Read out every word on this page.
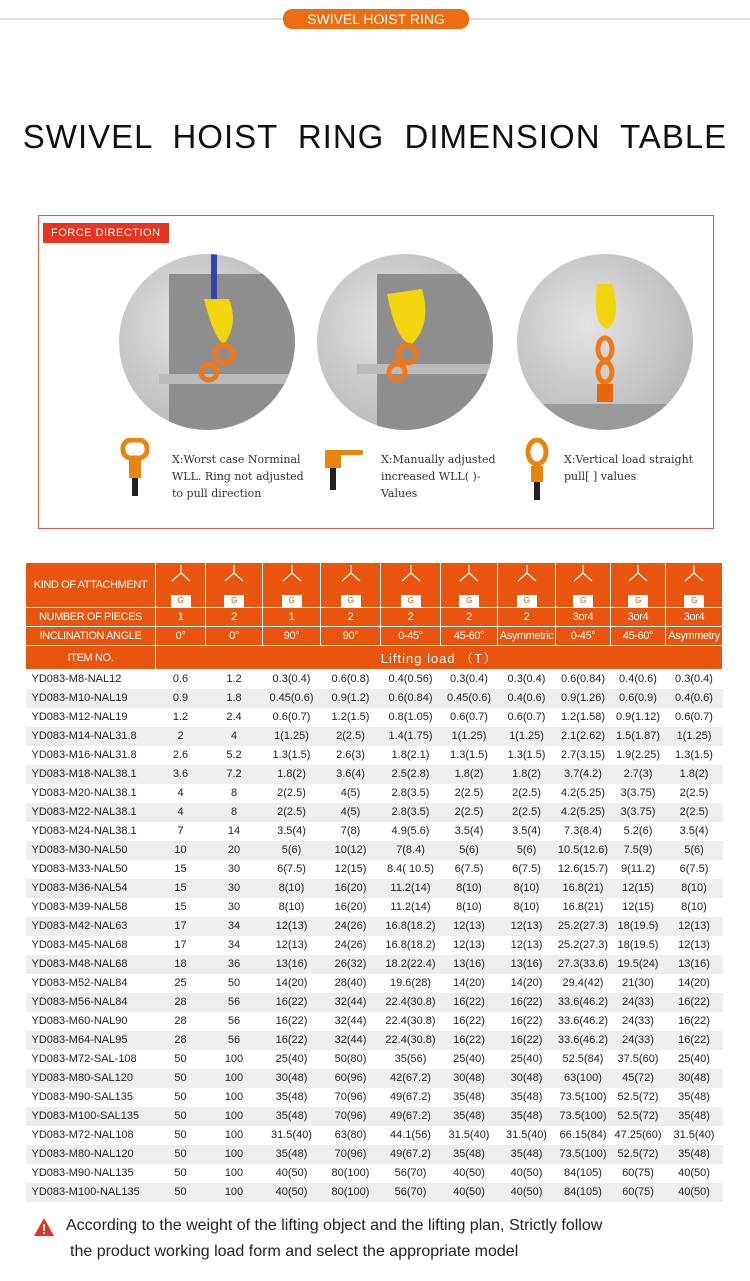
SWIVEL HOIST RING
SWIVEL HOIST RING DIMENSION TABLE
FORCE DIRECTION
X:Worst case Norminal
WLL. Ring not adjusted
to pull direction
X:Manually adjusted
increased WLL( )-
Values
X:Vertical load straight
pull[ ] values
KIND OF ATTACHMENT	G	G	G	G	G	G	G	G	G	G
NUMBER OF PIECES	1	2	1	2	2	2	2	3or4	3or4	3or4
INCLINATION ANGLE	0°	0°	90°	90°	0-45°	45-60°	Asymmetric	0-45°	45-60°	Asymmetry
ITEM NO.	Lifting load （T）									
YD083-M8-NAL12	0.6	1.2	0.3(0.4)	0.6(0.8)	0.4(0.56)	0.3(0.4)	0.3(0.4)	0.6(0.84)	0.4(0.6)	0.3(0.4)
YD083-M10-NAL19	0.9	1.8	0.45(0.6)	0.9(1.2)	0.6(0.84)	0.45(0.6)	0.4(0.6)	0.9(1.26)	0.6(0.9)	0.4(0.6)
YD083-M12-NAL19	1.2	2.4	0.6(0.7)	1.2(1.5)	0.8(1.05)	0.6(0.7)	0.6(0.7)	1.2(1.58)	0.9(1.12)	0.6(0.7)
YD083-M14-NAL31.8	2	4	1(1.25)	2(2.5)	1.4(1.75)	1(1.25)	1(1.25)	2.1(2.62)	1.5(1.87)	1(1.25)
YD083-M16-NAL31.8	2.6	5.2	1.3(1.5)	2.6(3)	1.8(2.1)	1.3(1.5)	1.3(1.5)	2.7(3.15)	1.9(2.25)	1.3(1.5)
YD083-M18-NAL38.1	3.6	7.2	1.8(2)	3.6(4)	2.5(2.8)	1.8(2)	1.8(2)	3.7(4.2)	2.7(3)	1.8(2)
YD083-M20-NAL38.1	4	8	2(2.5)	4(5)	2.8(3.5)	2(2.5)	2(2.5)	4.2(5.25)	3(3.75)	2(2.5)
YD083-M22-NAL38.1	4	8	2(2.5)	4(5)	2.8(3.5)	2(2.5)	2(2.5)	4.2(5.25)	3(3.75)	2(2.5)
YD083-M24-NAL38.1	7	14	3.5(4)	7(8)	4.9(5.6)	3.5(4)	3.5(4)	7.3(8.4)	5.2(6)	3.5(4)
YD083-M30-NAL50	10	20	5(6)	10(12)	7(8.4)	5(6)	5(6)	10.5(12.6)	7.5(9)	5(6)
YD083-M33-NAL50	15	30	6(7.5)	12(15)	8.4( 10.5)	6(7.5)	6(7.5)	12.6(15.7)	9(11.2)	6(7.5)
YD083-M36-NAL54	15	30	8(10)	16(20)	11.2(14)	8(10)	8(10)	16.8(21)	12(15)	8(10)
YD083-M39-NAL58	15	30	8(10)	16(20)	11.2(14)	8(10)	8(10)	16.8(21)	12(15)	8(10)
YD083-M42-NAL63	17	34	12(13)	24(26)	16.8(18.2)	12(13)	12(13)	25.2(27.3)	18(19.5)	12(13)
YD083-M45-NAL68	17	34	12(13)	24(26)	16.8(18.2)	12(13)	12(13)	25.2(27.3)	18(19.5)	12(13)
YD083-M48-NAL68	18	36	13(16)	26(32)	18.2(22.4)	13(16)	13(16)	27.3(33.6)	19.5(24)	13(16)
YD083-M52-NAL84	25	50	14(20)	28(40)	19.6(28)	14(20)	14(20)	29.4(42)	21(30)	14(20)
YD083-M56-NAL84	28	56	16(22)	32(44)	22.4(30.8)	16(22)	16(22)	33.6(46.2)	24(33)	16(22)
YD083-M60-NAL90	28	56	16(22)	32(44)	22.4(30.8)	16(22)	16(22)	33.6(46.2)	24(33)	16(22)
YD083-M64-NAL95	28	56	16(22)	32(44)	22.4(30.8)	16(22)	16(22)	33.6(46.2)	24(33)	16(22)
YD083-M72-SAL-108	50	100	25(40)	50(80)	35(56)	25(40)	25(40)	52.5(84)	37.5(60)	25(40)
YD083-M80-SAL120	50	100	30(48)	60(96)	42(67.2)	30(48)	30(48)	63(100)	45(72)	30(48)
YD083-M90-SAL135	50	100	35(48)	70(96)	49(67.2)	35(48)	35(48)	73.5(100)	52.5(72)	35(48)
YD083-M100-SAL135	50	100	35(48)	70(96)	49(67.2)	35(48)	35(48)	73.5(100)	52.5(72)	35(48)
YD083-M72-NAL108	50	100	31.5(40)	63(80)	44.1(56)	31.5(40)	31.5(40)	66.15(84)	47.25(60)	31.5(40)
YD083-M80-NAL120	50	100	35(48)	70(96)	49(67.2)	35(48)	35(48)	73.5(100)	52.5(72)	35(48)
YD083-M90-NAL135	50	100	40(50)	80(100)	56(70)	40(50)	40(50)	84(105)	60(75)	40(50)
YD083-M100-NAL135	50	100	40(50)	80(100)	56(70)	40(50)	40(50)	84(105)	60(75)	40(50)

According to the weight of the lifting object and the lifting plan, Strictly follow

the product working load form and select the appropriate model
